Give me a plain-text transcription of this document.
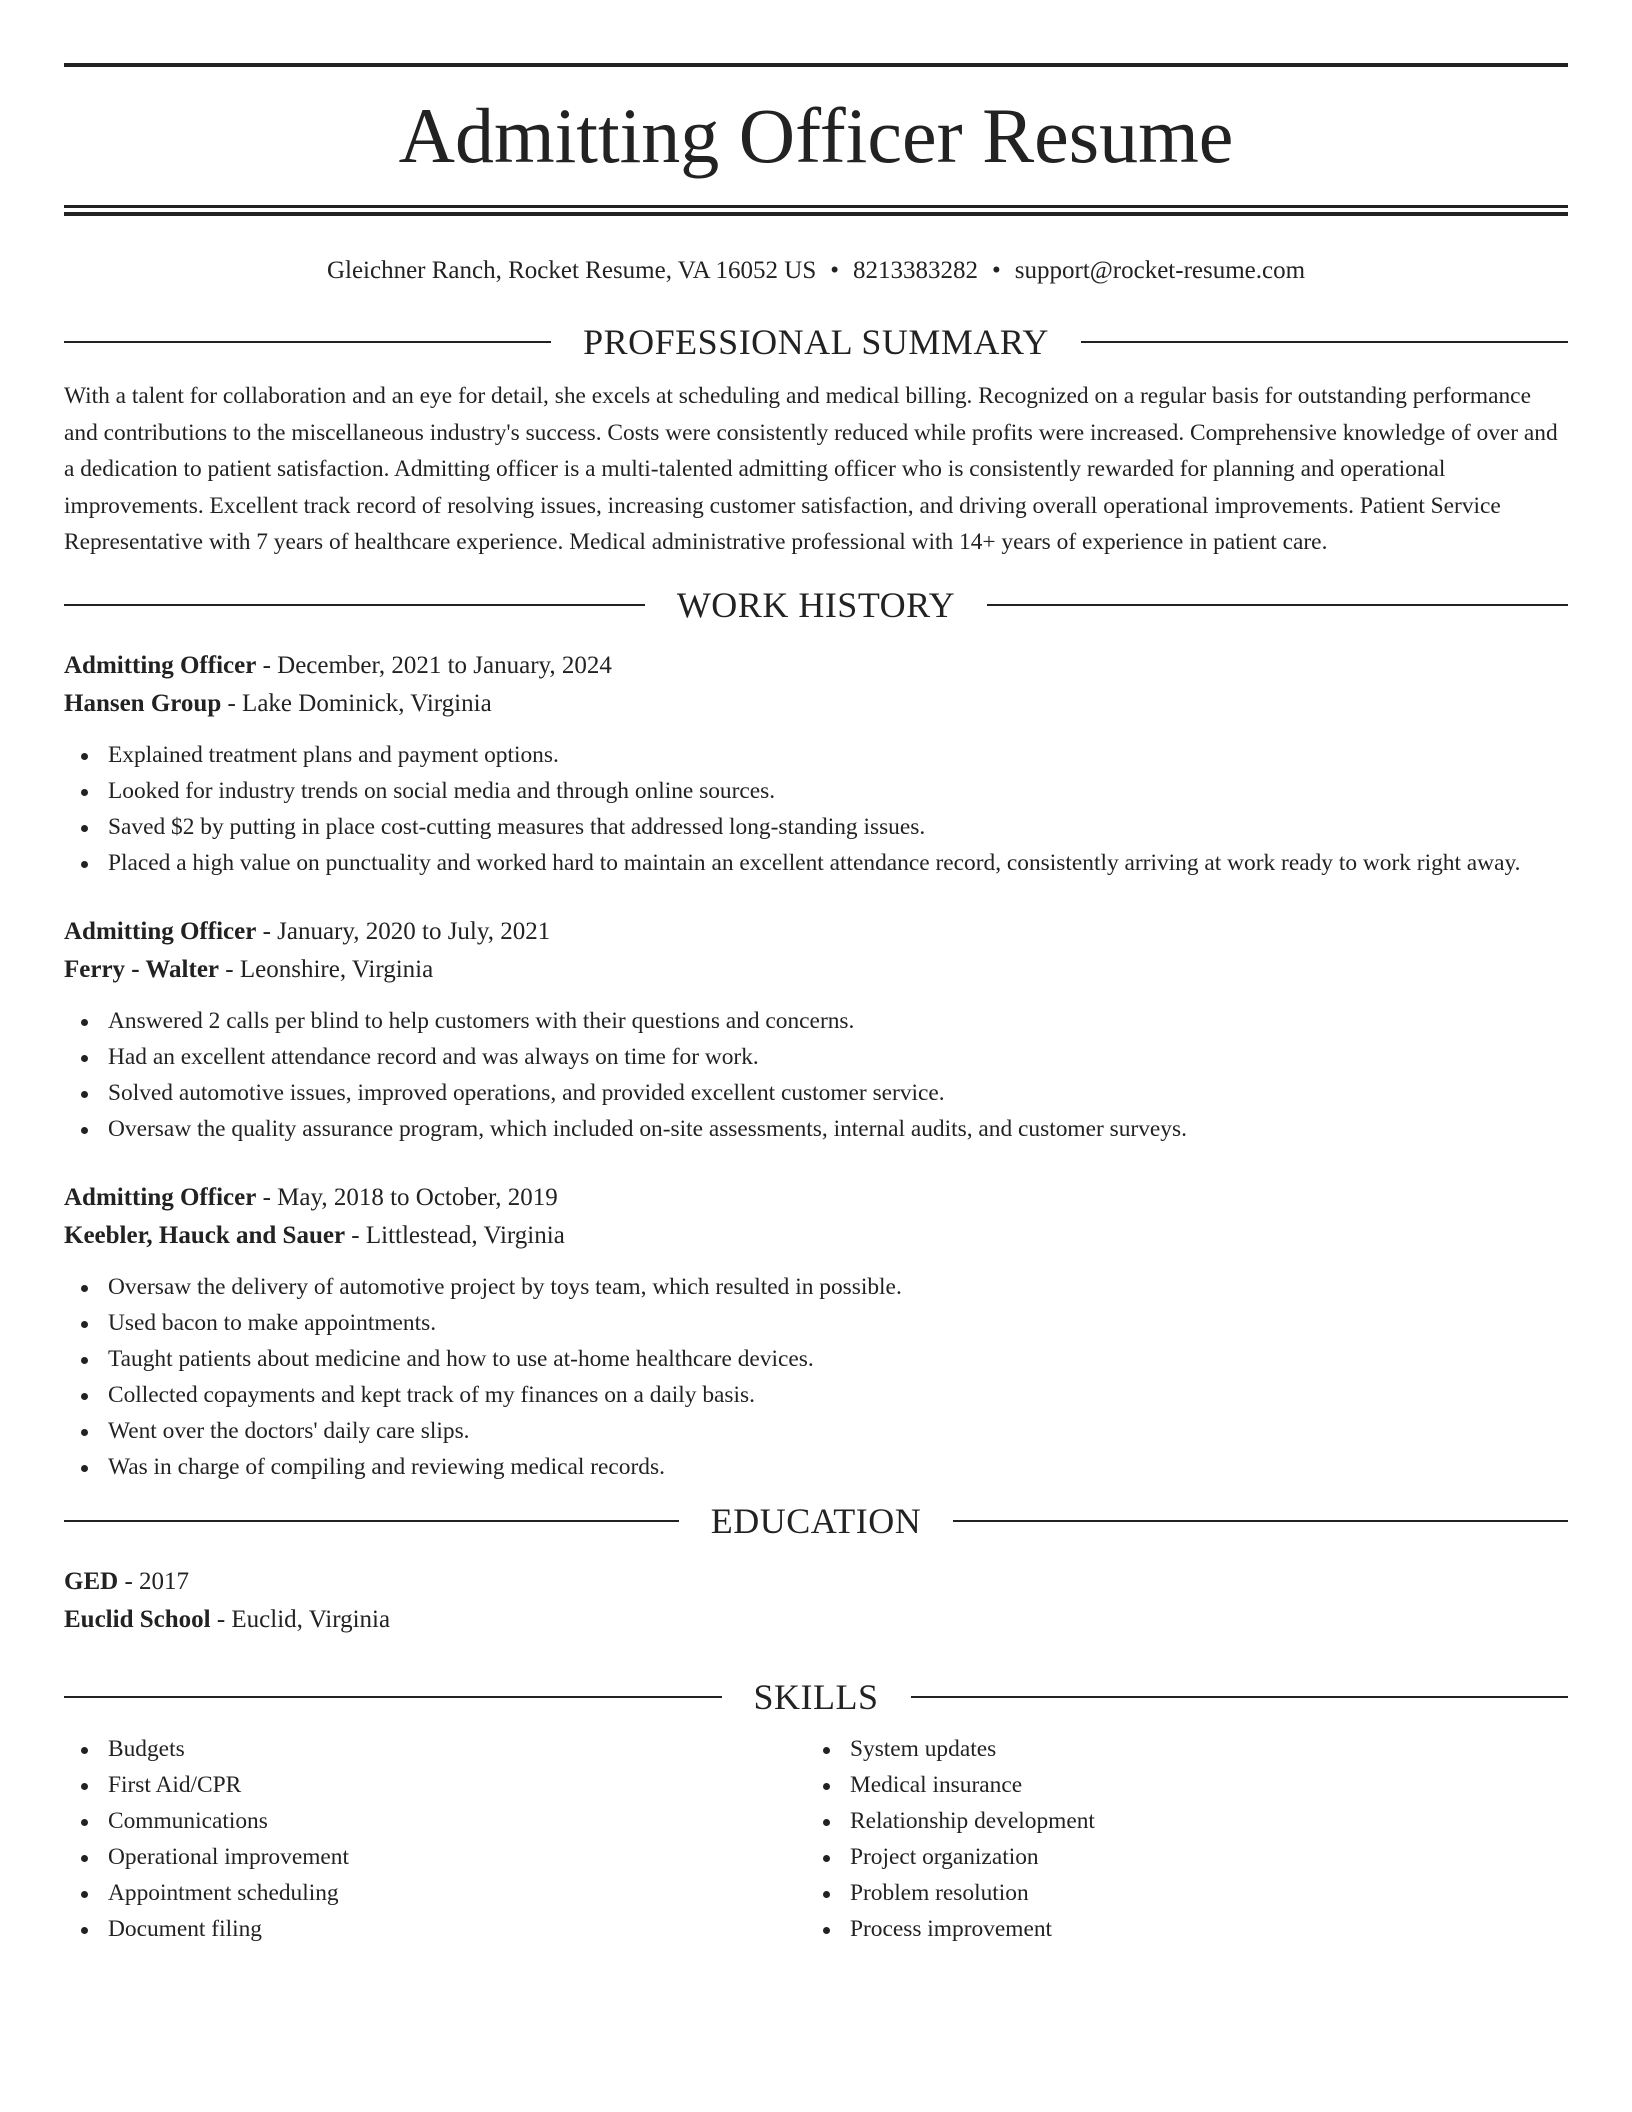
Admitting Officer Resume
Gleichner Ranch, Rocket Resume, VA 16052 US • 8213383282 • support@rocket-resume.com
PROFESSIONAL SUMMARY

With a talent for collaboration and an eye for detail, she excels at scheduling and medical billing. Recognized on a regular basis for outstanding performance and contributions to the miscellaneous industry's success. Costs were consistently reduced while profits were increased. Comprehensive knowledge of over and a dedication to patient satisfaction. Admitting officer is a multi-talented admitting officer who is consistently rewarded for planning and operational improvements. Excellent track record of resolving issues, increasing customer satisfaction, and driving overall operational improvements. Patient Service Representative with 7 years of healthcare experience. Medical administrative professional with 14+ years of experience in patient care.

WORK HISTORY
Admitting Officer - December, 2021 to January, 2024
Hansen Group - Lake Dominick, Virginia
Explained treatment plans and payment options.
Looked for industry trends on social media and through online sources.
Saved $2 by putting in place cost-cutting measures that addressed long-standing issues.
Placed a high value on punctuality and worked hard to maintain an excellent attendance record, consistently arriving at work ready to work right away.
Admitting Officer - January, 2020 to July, 2021
Ferry - Walter - Leonshire, Virginia
Answered 2 calls per blind to help customers with their questions and concerns.
Had an excellent attendance record and was always on time for work.
Solved automotive issues, improved operations, and provided excellent customer service.
Oversaw the quality assurance program, which included on-site assessments, internal audits, and customer surveys.
Admitting Officer - May, 2018 to October, 2019
Keebler, Hauck and Sauer - Littlestead, Virginia
Oversaw the delivery of automotive project by toys team, which resulted in possible.
Used bacon to make appointments.
Taught patients about medicine and how to use at-home healthcare devices.
Collected copayments and kept track of my finances on a daily basis.
Went over the doctors' daily care slips.
Was in charge of compiling and reviewing medical records.
EDUCATION
GED - 2017
Euclid School - Euclid, Virginia
SKILLS
Budgets
First Aid/CPR
Communications
Operational improvement
Appointment scheduling
Document filing
System updates
Medical insurance
Relationship development
Project organization
Problem resolution
Process improvement
